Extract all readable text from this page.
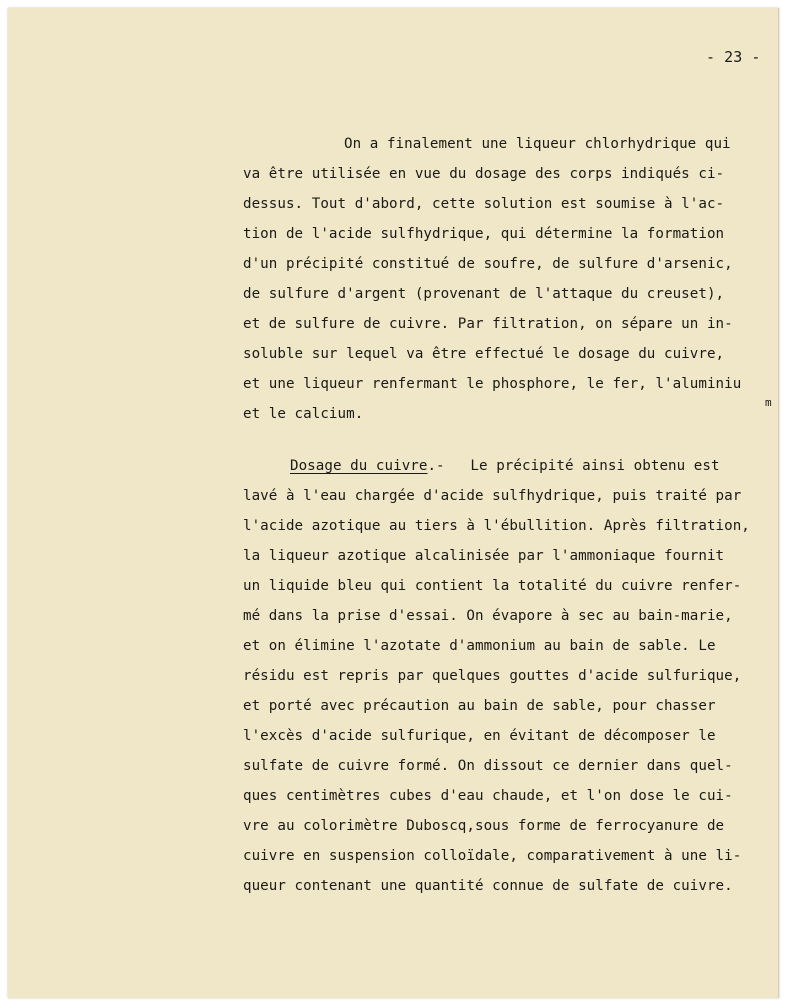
- 23 -
On a finalement une liqueur chlorhydrique qui
va être utilisée en vue du dosage des corps indiqués ci-
dessus. Tout d'abord, cette solution est soumise à l'ac-
tion de l'acide sulfhydrique, qui détermine la formation
d'un précipité constitué de soufre, de sulfure d'arsenic,
de sulfure d'argent (provenant de l'attaque du creuset),
et de sulfure de cuivre. Par filtration, on sépare un in-
soluble sur lequel va être effectué le dosage du cuivre,
et une liqueur renfermant le phosphore, le fer, l'aluminiu
et le calcium.
m
Dosage du cuivre.-   Le précipité ainsi obtenu est
lavé à l'eau chargée d'acide sulfhydrique, puis traité par
l'acide azotique au tiers à l'ébullition. Après filtration,
la liqueur azotique alcalinisée par l'ammoniaque fournit
un liquide bleu qui contient la totalité du cuivre renfer-
mé dans la prise d'essai. On évapore à sec au bain-marie,
et on élimine l'azotate d'ammonium au bain de sable. Le
résidu est repris par quelques gouttes d'acide sulfurique,
et porté avec précaution au bain de sable, pour chasser
l'excès d'acide sulfurique, en évitant de décomposer le
sulfate de cuivre formé. On dissout ce dernier dans quel-
ques centimètres cubes d'eau chaude, et l'on dose le cui-
vre au colorimètre Duboscq,sous forme de ferrocyanure de
cuivre en suspension colloïdale, comparativement à une li-
queur contenant une quantité connue de sulfate de cuivre.
